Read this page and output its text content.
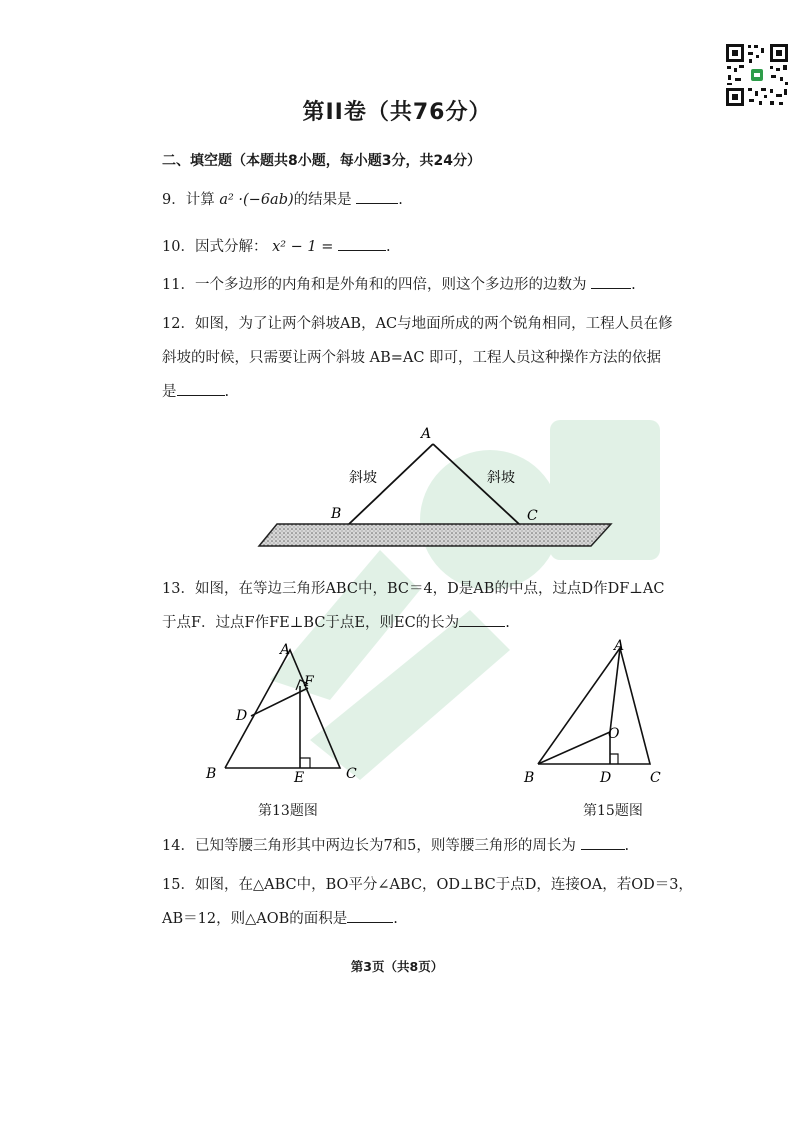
第II卷（共76分）
二、填空题（本题共8小题，每小题3分，共24分）
9．计算 a² ·(−6ab)的结果是	.
10．因式分解： x² − 1 =	.
11．一个多边形的内角和是外角和的四倍，则这个多边形的边数为	.
12．如图，为了让两个斜坡AB，AC与地面所成的两个锐角相同，工程人员在修
斜坡的时候，只需要让两个斜坡 AB=AC 即可，工程人员这种操作方法的依据
是	.
A
B	C
斜坡	斜坡
13．如图，在等边三角形ABC中，BC＝4，D是AB的中点，过点D作DF⊥AC
于点F．过点F作FE⊥BC于点E，则EC的长为	.
A
B	C
D
E
F
第13题图
A
B	C
D
O
第15题图
14．已知等腰三角形其中两边长为7和5，则等腰三角形的周长为	.
15．如图，在△ABC中，BO平分∠ABC，OD⊥BC于点D，连接OA，若OD＝3，
AB＝12，则△AOB的面积是	.
第3页（共8页）
